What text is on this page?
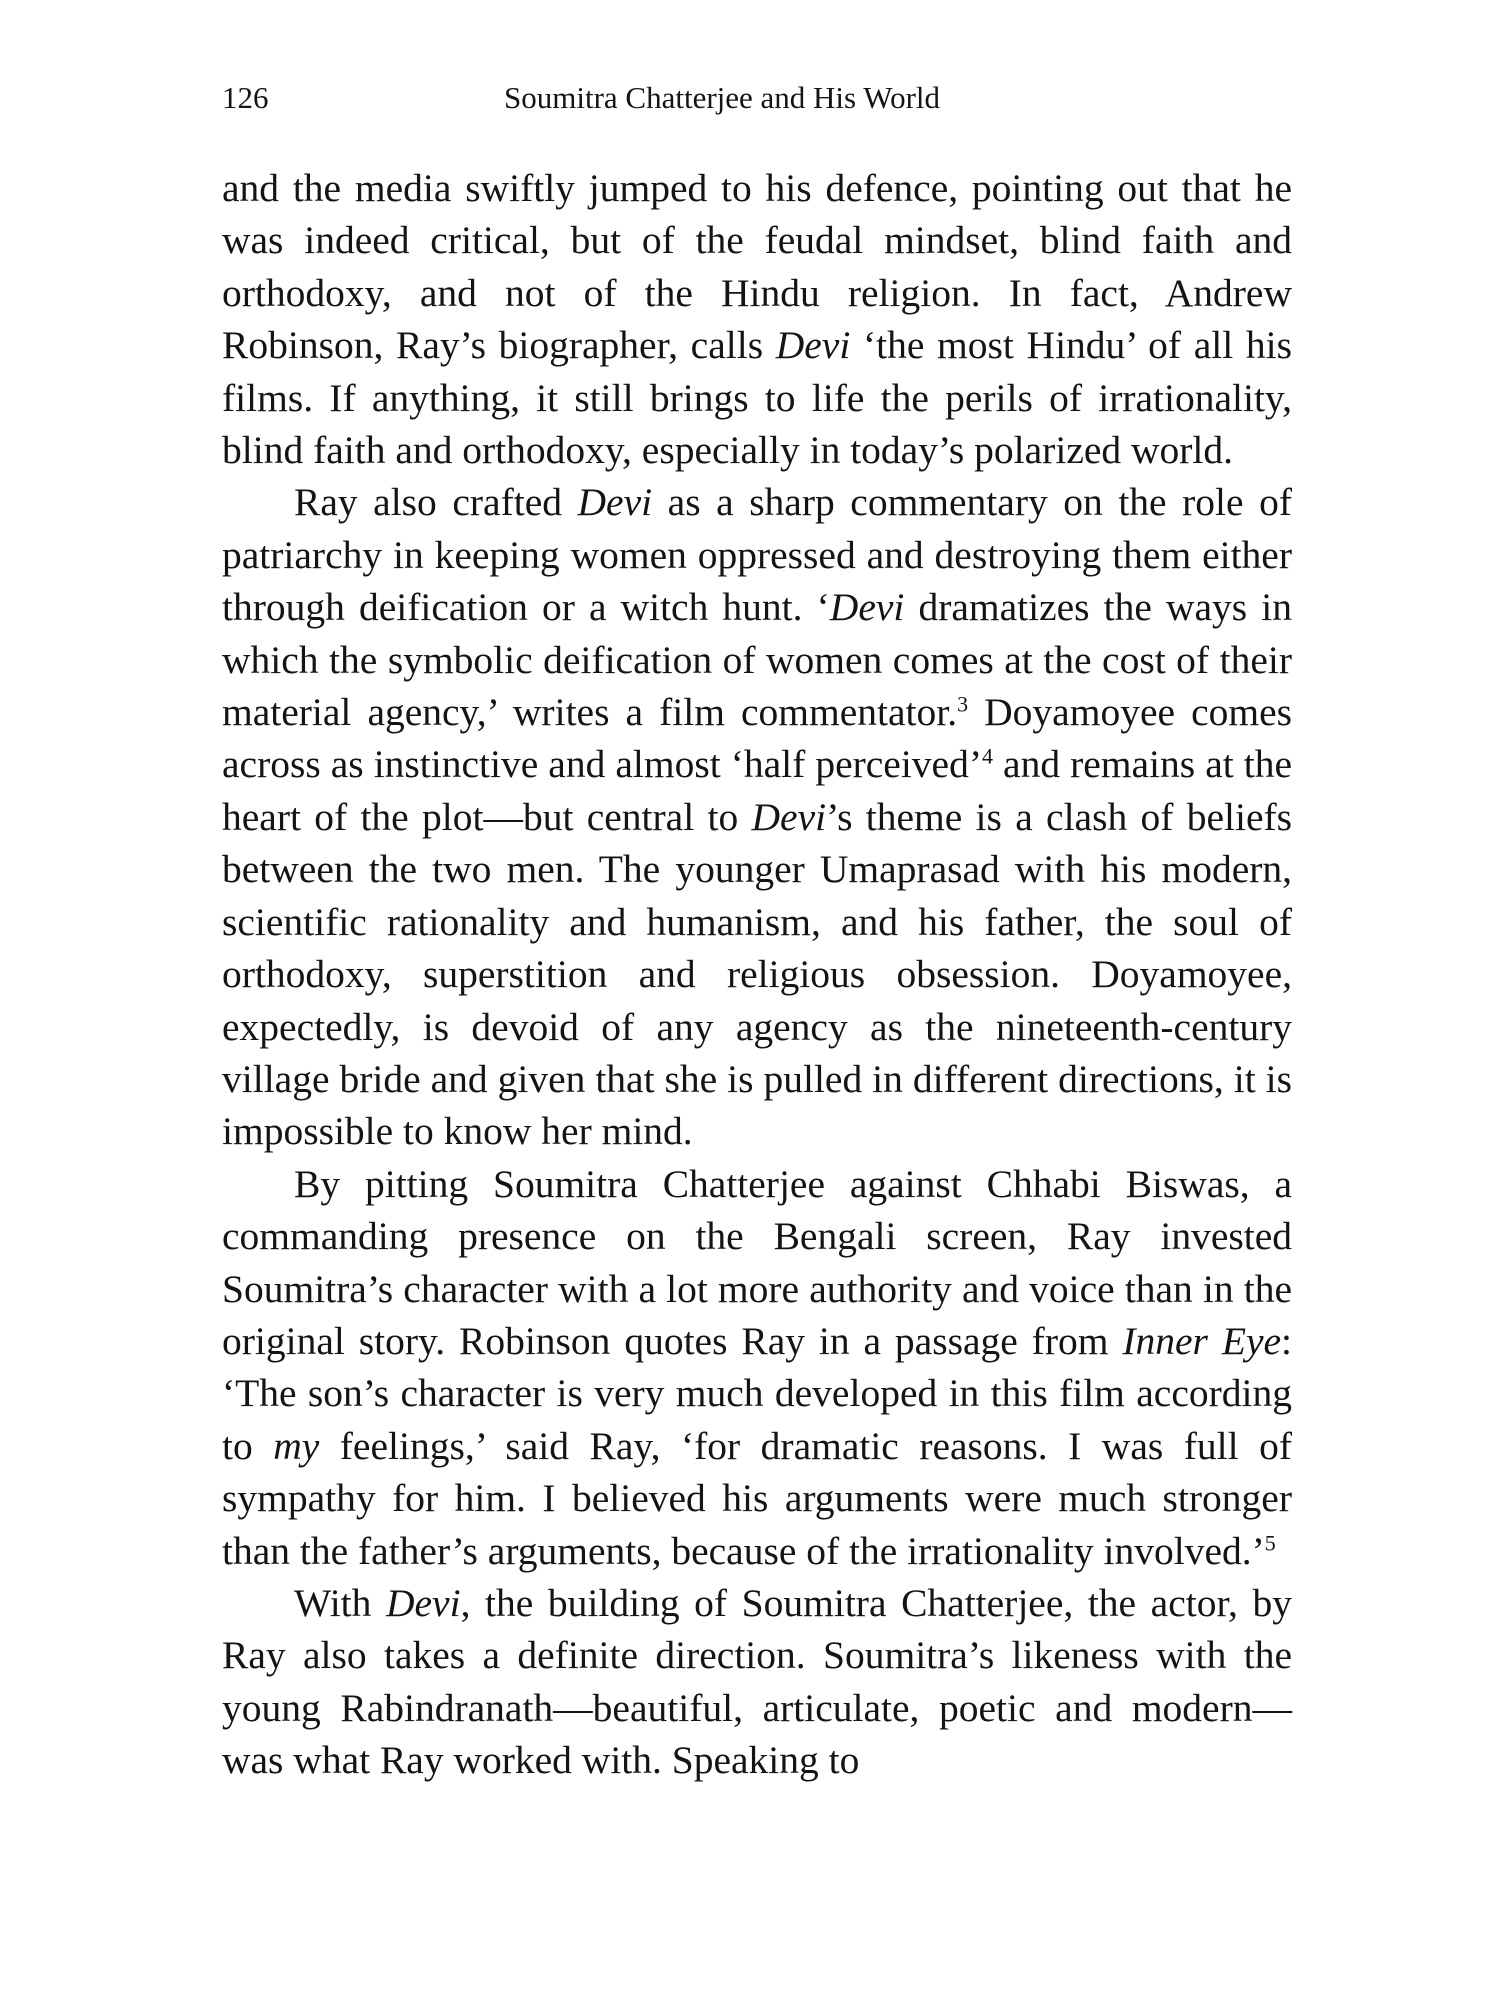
126	Soumitra Chatterjee and His World

and the media swiftly jumped to his defence, pointing out that he was indeed critical, but of the feudal mindset, blind faith and orthodoxy, and not of the Hindu religion. In fact, Andrew Robinson, Ray’s biographer, calls Devi ‘the most Hindu’ of all his films. If anything, it still brings to life the perils of irrationality, blind faith and orthodoxy, especially in today’s polarized world.

Ray also crafted Devi as a sharp commentary on the role of patriarchy in keeping women oppressed and destroying them either through deification or a witch hunt. ‘Devi dramatizes the ways in which the symbolic deification of women comes at the cost of their material agency,’ writes a film commentator.$^3$ Doyamoyee comes across as instinctive and almost ‘half perceived’$^4$ and remains at the heart of the plot—but central to Devi’s theme is a clash of beliefs between the two men. The younger Umaprasad with his modern, scientific rationality and humanism, and his father, the soul of orthodoxy, superstition and religious obsession. Doyamoyee, expectedly, is devoid of any agency as the nineteenth-century village bride and given that she is pulled in different directions, it is impossible to know her mind.

By pitting Soumitra Chatterjee against Chhabi Biswas, a commanding presence on the Bengali screen, Ray invested Soumitra’s character with a lot more authority and voice than in the original story. Robinson quotes Ray in a passage from Inner Eye: ‘The son’s character is very much developed in this film according to my feelings,’ said Ray, ‘for dramatic reasons. I was full of sympathy for him. I believed his arguments were much stronger than the father’s arguments, because of the irrationality involved.’$^5$

With Devi, the building of Soumitra Chatterjee, the actor, by Ray also takes a definite direction. Soumitra’s likeness with the young Rabindranath—beautiful, articulate, poetic and modern—was what Ray worked with. Speaking to
